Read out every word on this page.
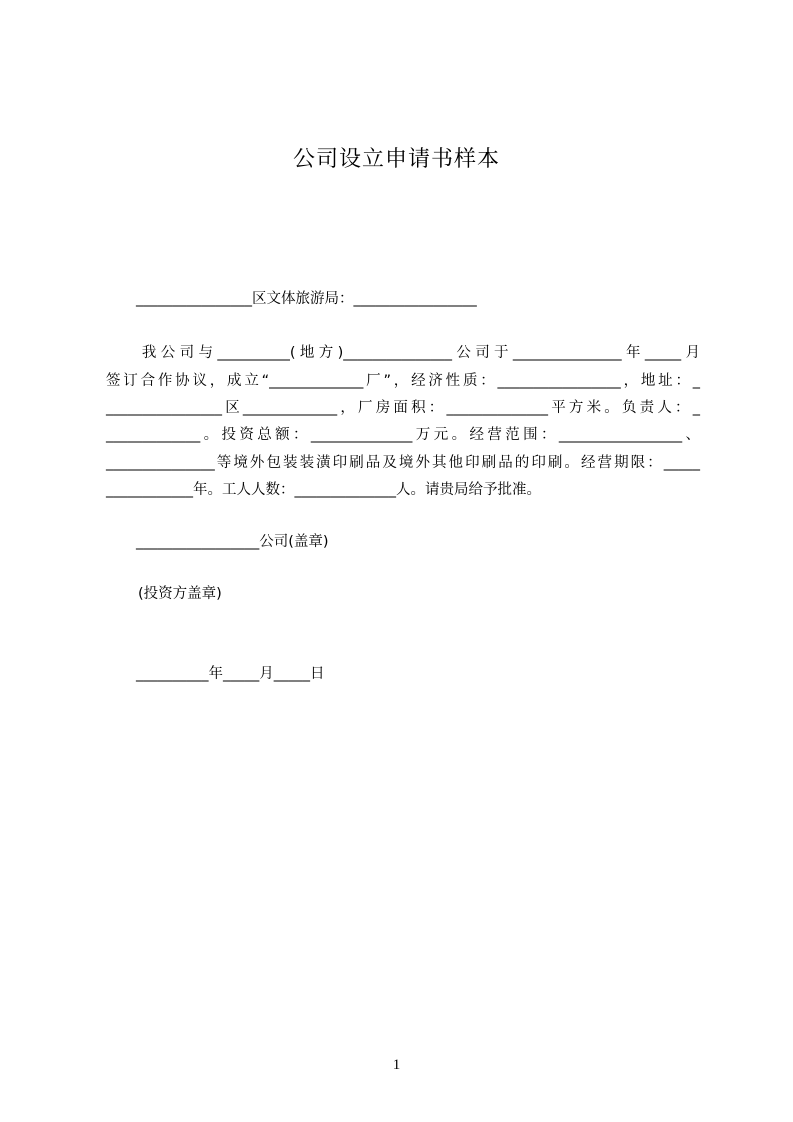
公司设立申请书样本
________________区文体旅游局：_________________
我公司与__________(地方)_______________公司于_______________年_____月
签订合作协议，成立“_____________厂”，经济性质：_________________，地址：_
________________区_____________，厂房面积：______________平方米。负责人：_
_____________。投资总额：______________万元。经营范围：_________________、
_______________等境外包装装潢印刷品及境外其他印刷品的印刷。经营期限：_____
____________年。工人人数：______________人。请贵局给予批准。
_________________公司(盖章)
(投资方盖章)
__________年_____月_____日
1
